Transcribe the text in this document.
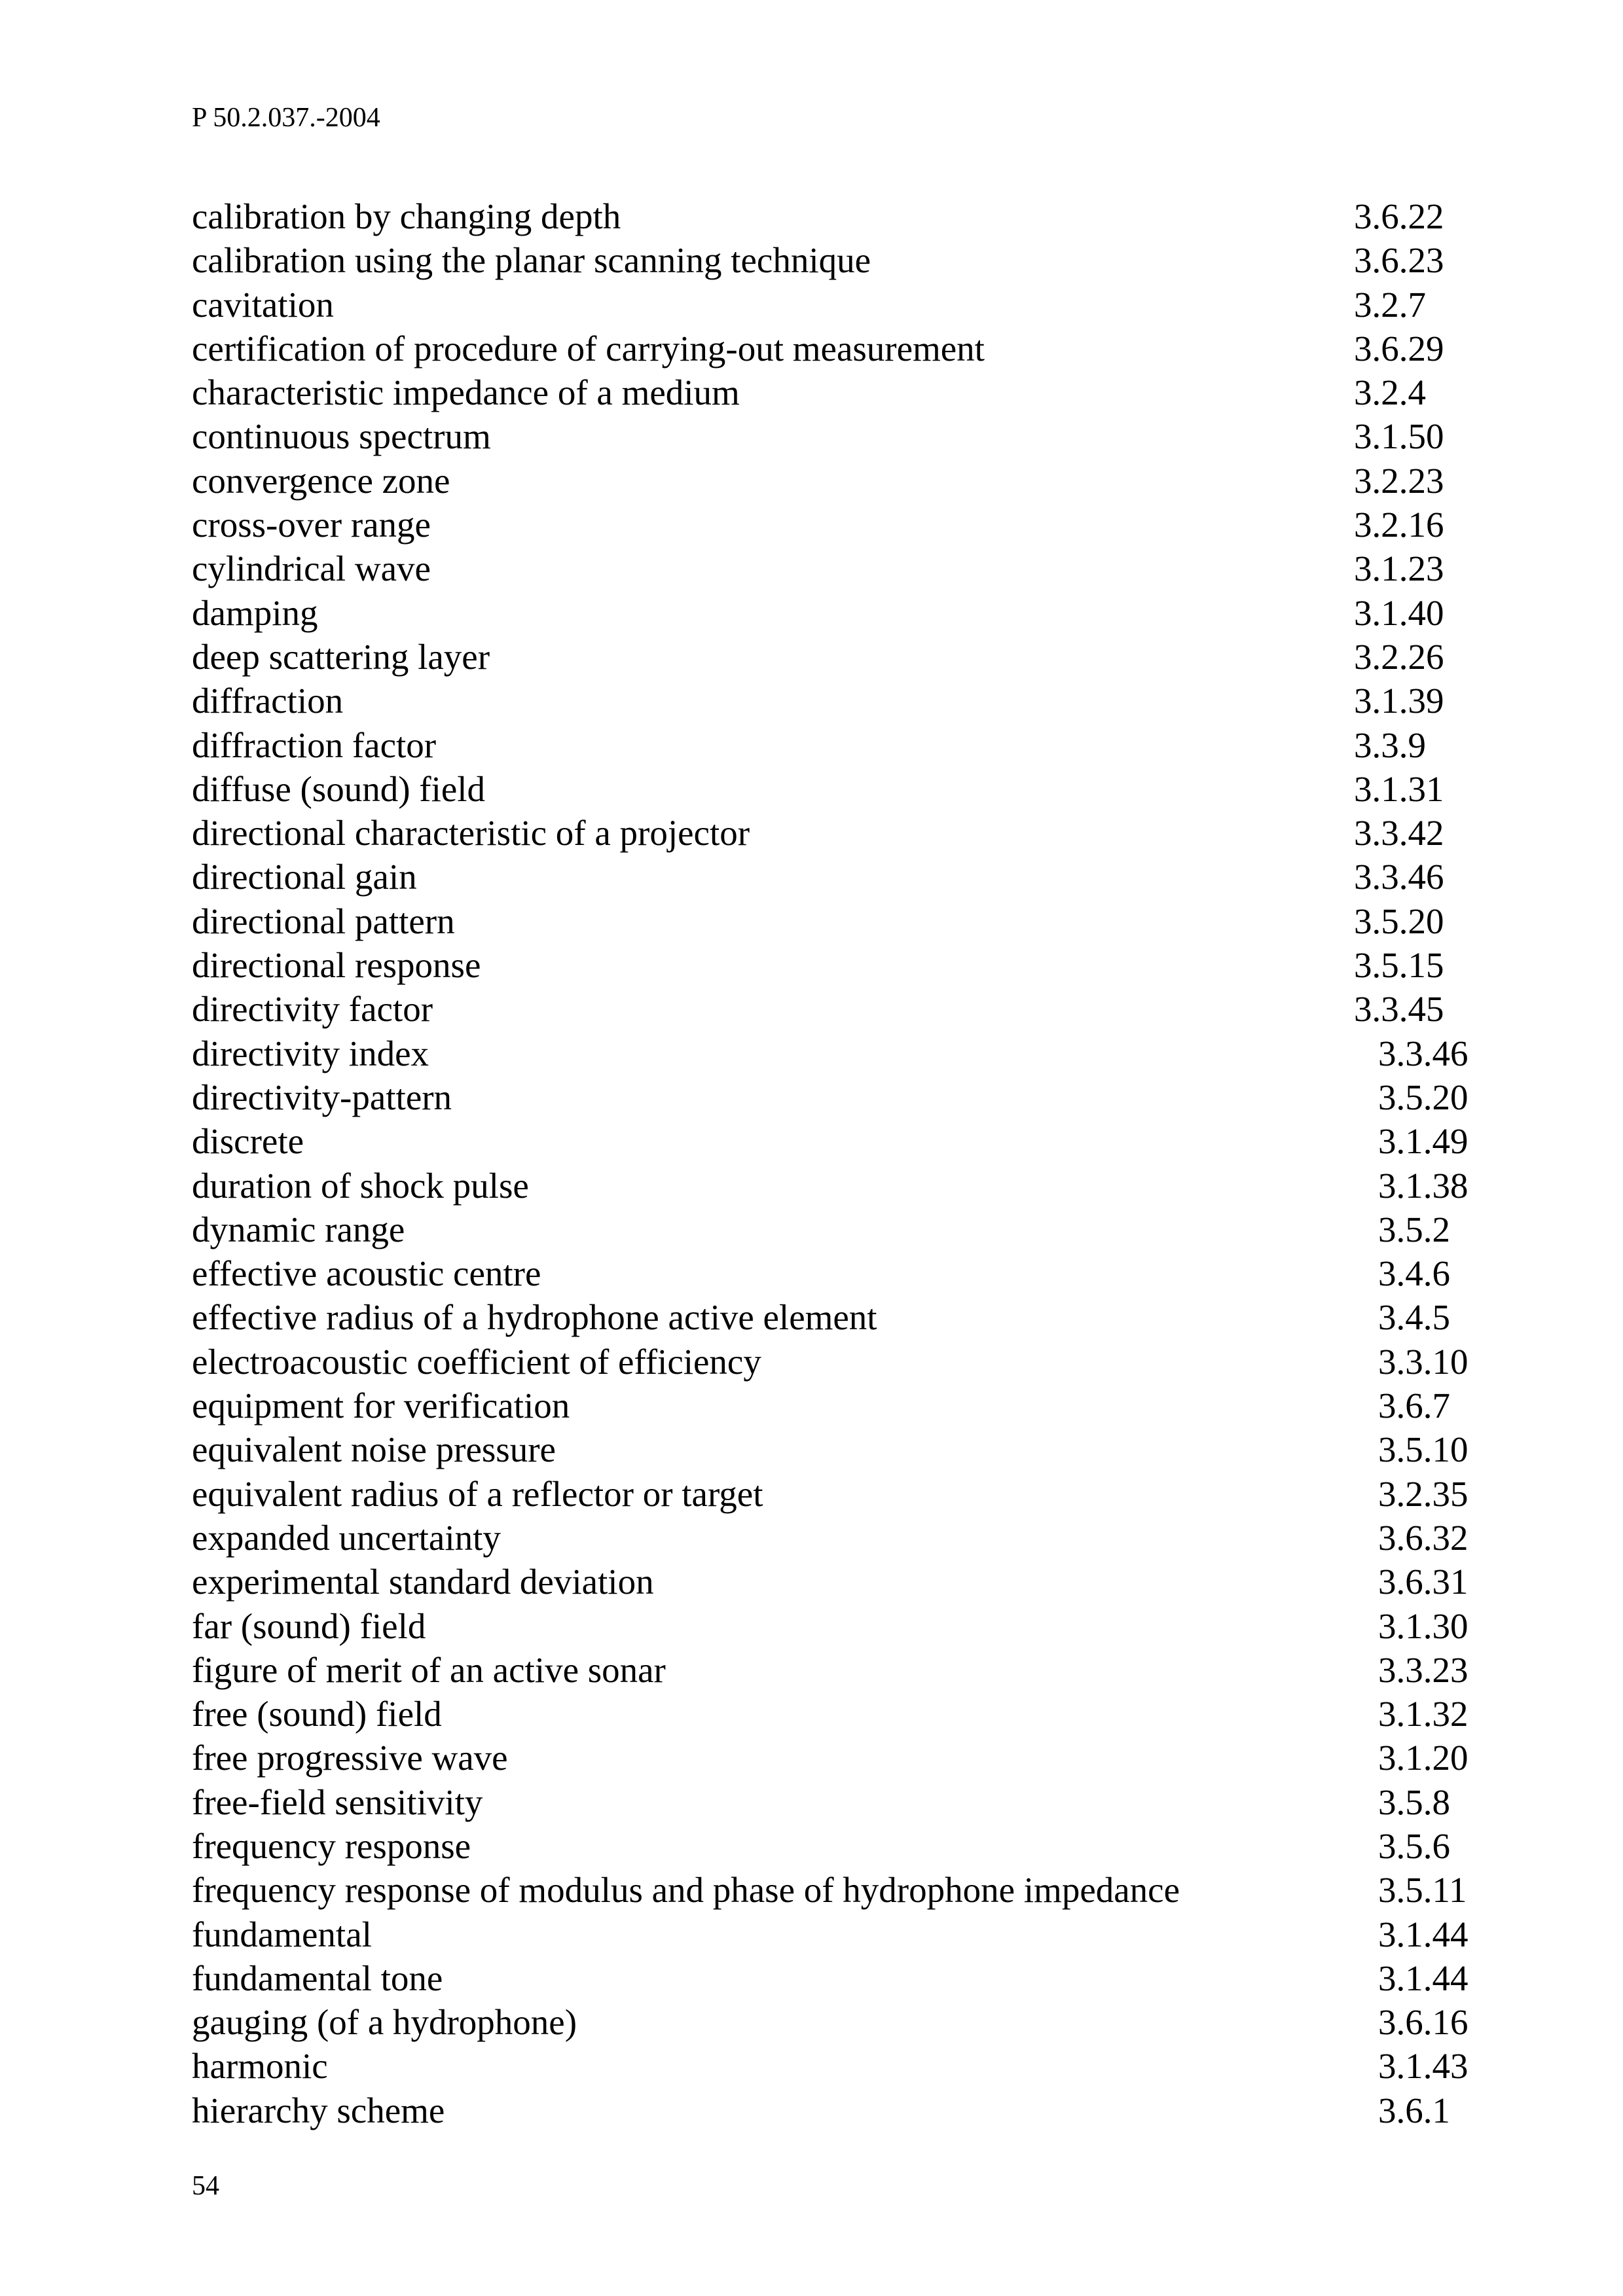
P 50.2.037.-2004
calibration by changing depth	3.6.22
calibration using the planar scanning technique	3.6.23
cavitation	3.2.7
certification of procedure of carrying-out measurement	3.6.29
characteristic impedance of a medium	3.2.4
continuous spectrum	3.1.50
convergence zone	3.2.23
cross-over range	3.2.16
cylindrical wave	3.1.23
damping	3.1.40
deep scattering layer	3.2.26
diffraction	3.1.39
diffraction factor	3.3.9
diffuse (sound) field	3.1.31
directional characteristic of a projector	3.3.42
directional gain	3.3.46
directional pattern	3.5.20
directional response	3.5.15
directivity factor	3.3.45
directivity index	3.3.46
directivity-pattern	3.5.20
discrete	3.1.49
duration of shock pulse	3.1.38
dynamic range	3.5.2
effective acoustic centre	3.4.6
effective radius of a hydrophone active element	3.4.5
electroacoustic coefficient of efficiency	3.3.10
equipment for verification	3.6.7
equivalent noise pressure	3.5.10
equivalent radius of a reflector or target	3.2.35
expanded uncertainty	3.6.32
experimental standard deviation	3.6.31
far (sound) field	3.1.30
figure of merit of an active sonar	3.3.23
free (sound) field	3.1.32
free progressive wave	3.1.20
free-field sensitivity	3.5.8
frequency response	3.5.6
frequency response of modulus and phase of hydrophone impedance	3.5.11
fundamental	3.1.44
fundamental tone	3.1.44
gauging (of a hydrophone)	3.6.16
harmonic	3.1.43
hierarchy scheme	3.6.1
54
